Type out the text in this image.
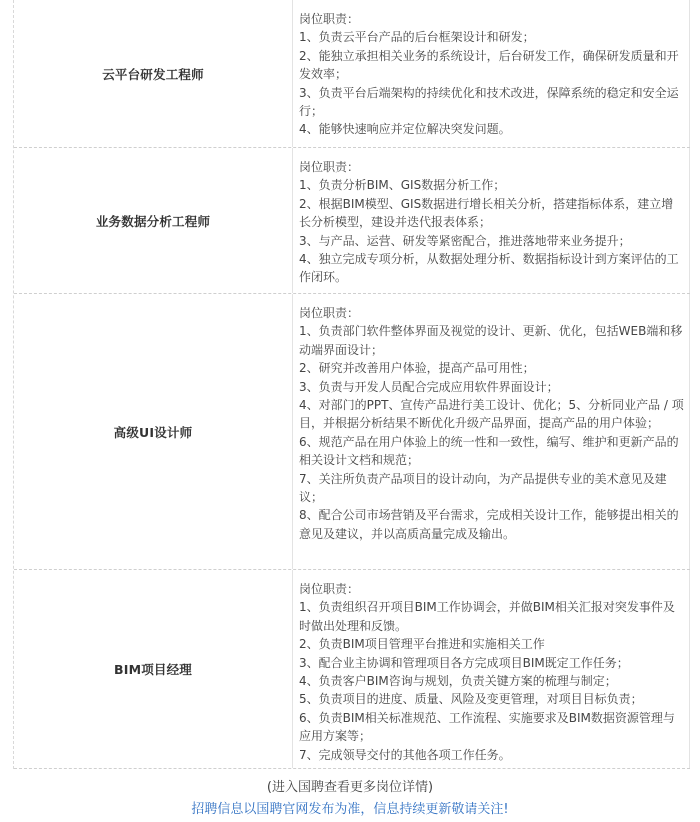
云平台研发工程师

岗位职责：

1、负责云平台产品的后台框架设计和研发；

2、能独立承担相关业务的系统设计，后台研发工作，确保研发质量和开发效率；

3、负责平台后端架构的持续优化和技术改进，保障系统的稳定和安全运行；

4、能够快速响应并定位解决突发问题。

业务数据分析工程师

岗位职责：

1、负责分析BIM、GIS数据分析工作；

2、根据BIM模型、GIS数据进行增长相关分析，搭建指标体系，建立增长分析模型，建设并迭代报表体系；

3、与产品、运营、研发等紧密配合，推进落地带来业务提升；

4、独立完成专项分析，从数据处理分析、数据指标设计到方案评估的工作闭环。

高级UI设计师

岗位职责：

1、负责部门软件整体界面及视觉的设计、更新、优化，包括WEB端和移动端界面设计；

2、研究并改善用户体验，提高产品可用性；

3、负责与开发人员配合完成应用软件界面设计；

4、对部门的PPT、宣传产品进行美工设计、优化；5、分析同业产品 / 项目，并根据分析结果不断优化升级产品界面，提高产品的用户体验；

6、规范产品在用户体验上的统一性和一致性，编写、维护和更新产品的相关设计文档和规范；

7、关注所负责产品项目的设计动向，为产品提供专业的美术意见及建议；

8、配合公司市场营销及平台需求，完成相关设计工作，能够提出相关的意见及建议，并以高质高量完成及输出。

BIM项目经理

岗位职责：

1、负责组织召开项目BIM工作协调会，并做BIM相关汇报对突发事件及时做出处理和反馈。

2、负责BIM项目管理平台推进和实施相关工作

3、配合业主协调和管理项目各方完成项目BIM既定工作任务；

4、负责客户BIM咨询与规划，负责关键方案的梳理与制定；

5、负责项目的进度、质量、风险及变更管理，对项目目标负责；

6、负责BIM相关标准规范、工作流程、实施要求及BIM数据资源管理与应用方案等；

7、完成领导交付的其他各项工作任务。

(进入国聘查看更多岗位详情)
招聘信息以国聘官网发布为准，信息持续更新敬请关注!
